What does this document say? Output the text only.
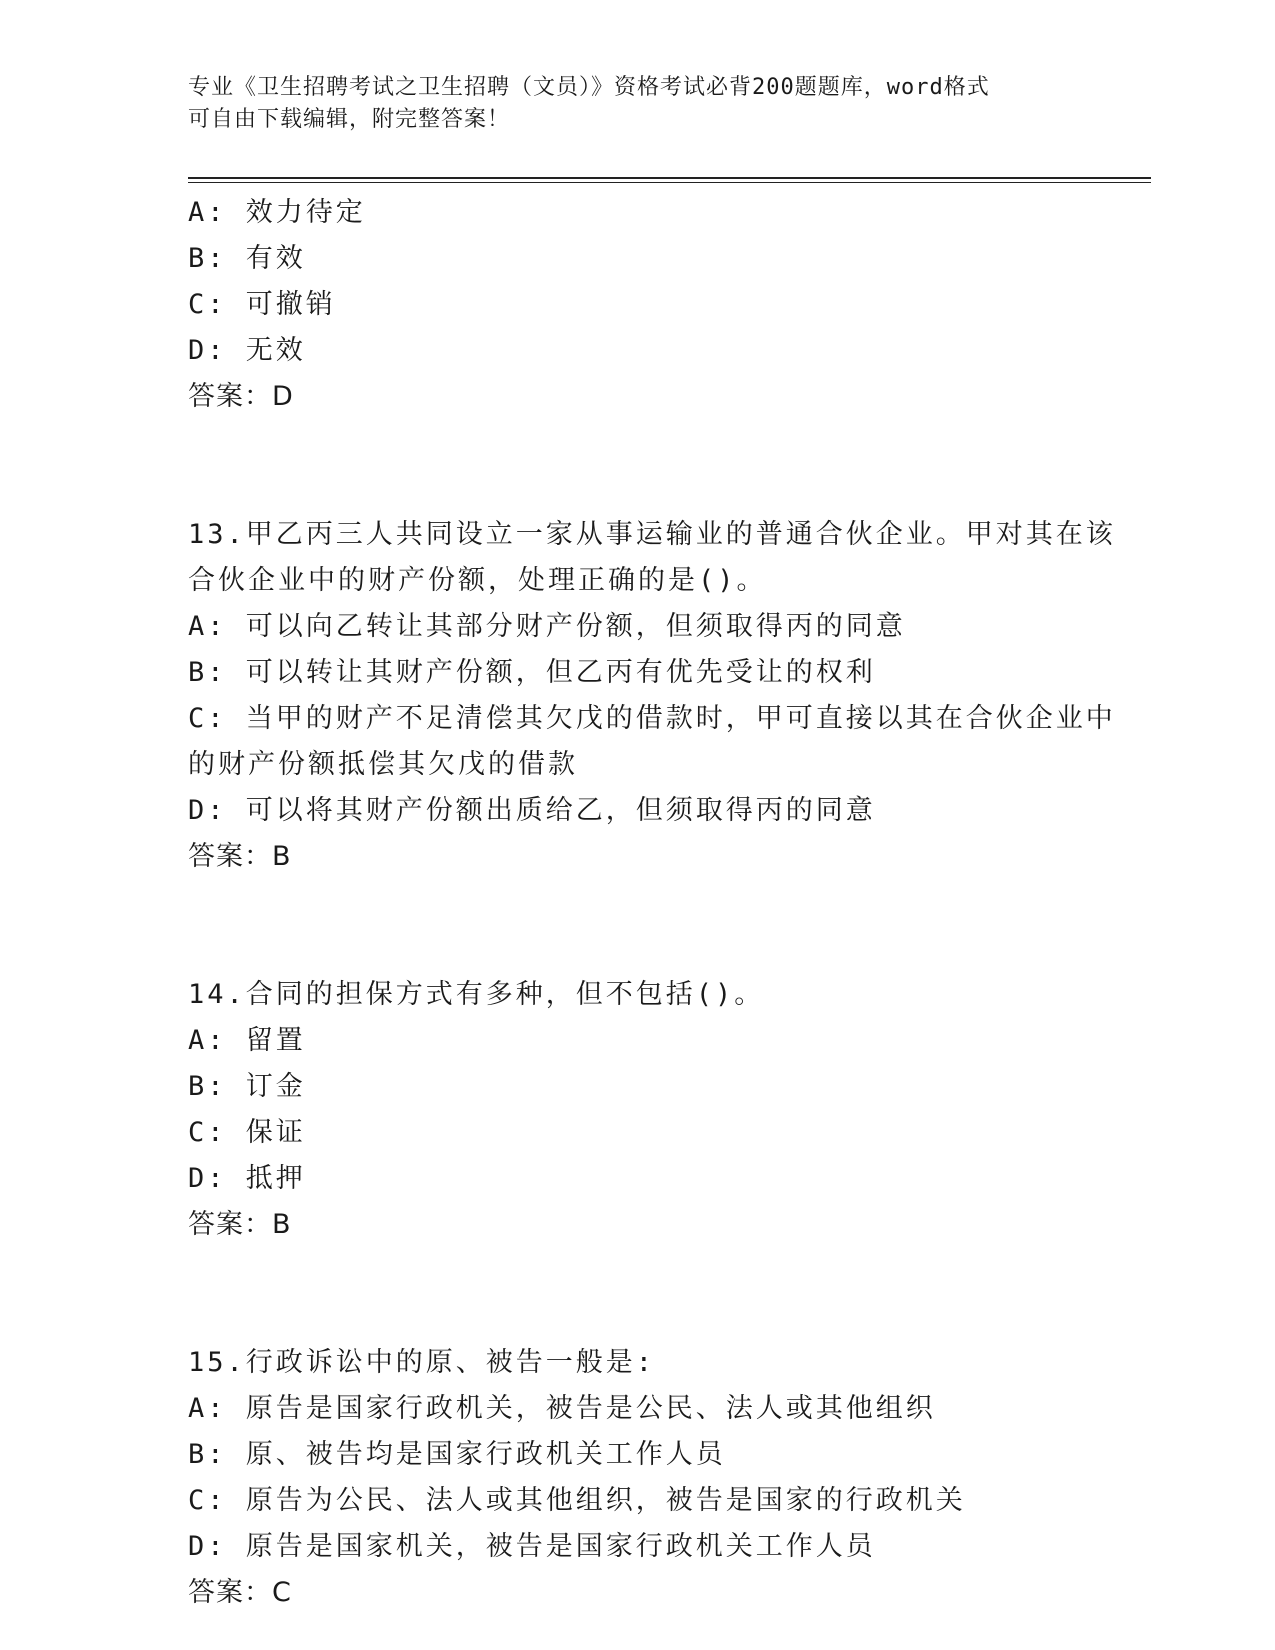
专业《卫生招聘考试之卫生招聘（文员）》资格考试必背200题题库，word格式
可自由下载编辑，附完整答案！
A: 效力待定
B: 有效
C: 可撤销
D: 无效
答案：D
13.甲乙丙三人共同设立一家从事运输业的普通合伙企业。甲对其在该
合伙企业中的财产份额，处理正确的是()。
A: 可以向乙转让其部分财产份额，但须取得丙的同意
B: 可以转让其财产份额，但乙丙有优先受让的权利
C: 当甲的财产不足清偿其欠戊的借款时，甲可直接以其在合伙企业中
的财产份额抵偿其欠戊的借款
D: 可以将其财产份额出质给乙，但须取得丙的同意
答案：B
14.合同的担保方式有多种，但不包括()。
A: 留置
B: 订金
C: 保证
D: 抵押
答案：B
15.行政诉讼中的原、被告一般是:
A: 原告是国家行政机关，被告是公民、法人或其他组织
B: 原、被告均是国家行政机关工作人员
C: 原告为公民、法人或其他组织，被告是国家的行政机关
D: 原告是国家机关，被告是国家行政机关工作人员
答案：C
